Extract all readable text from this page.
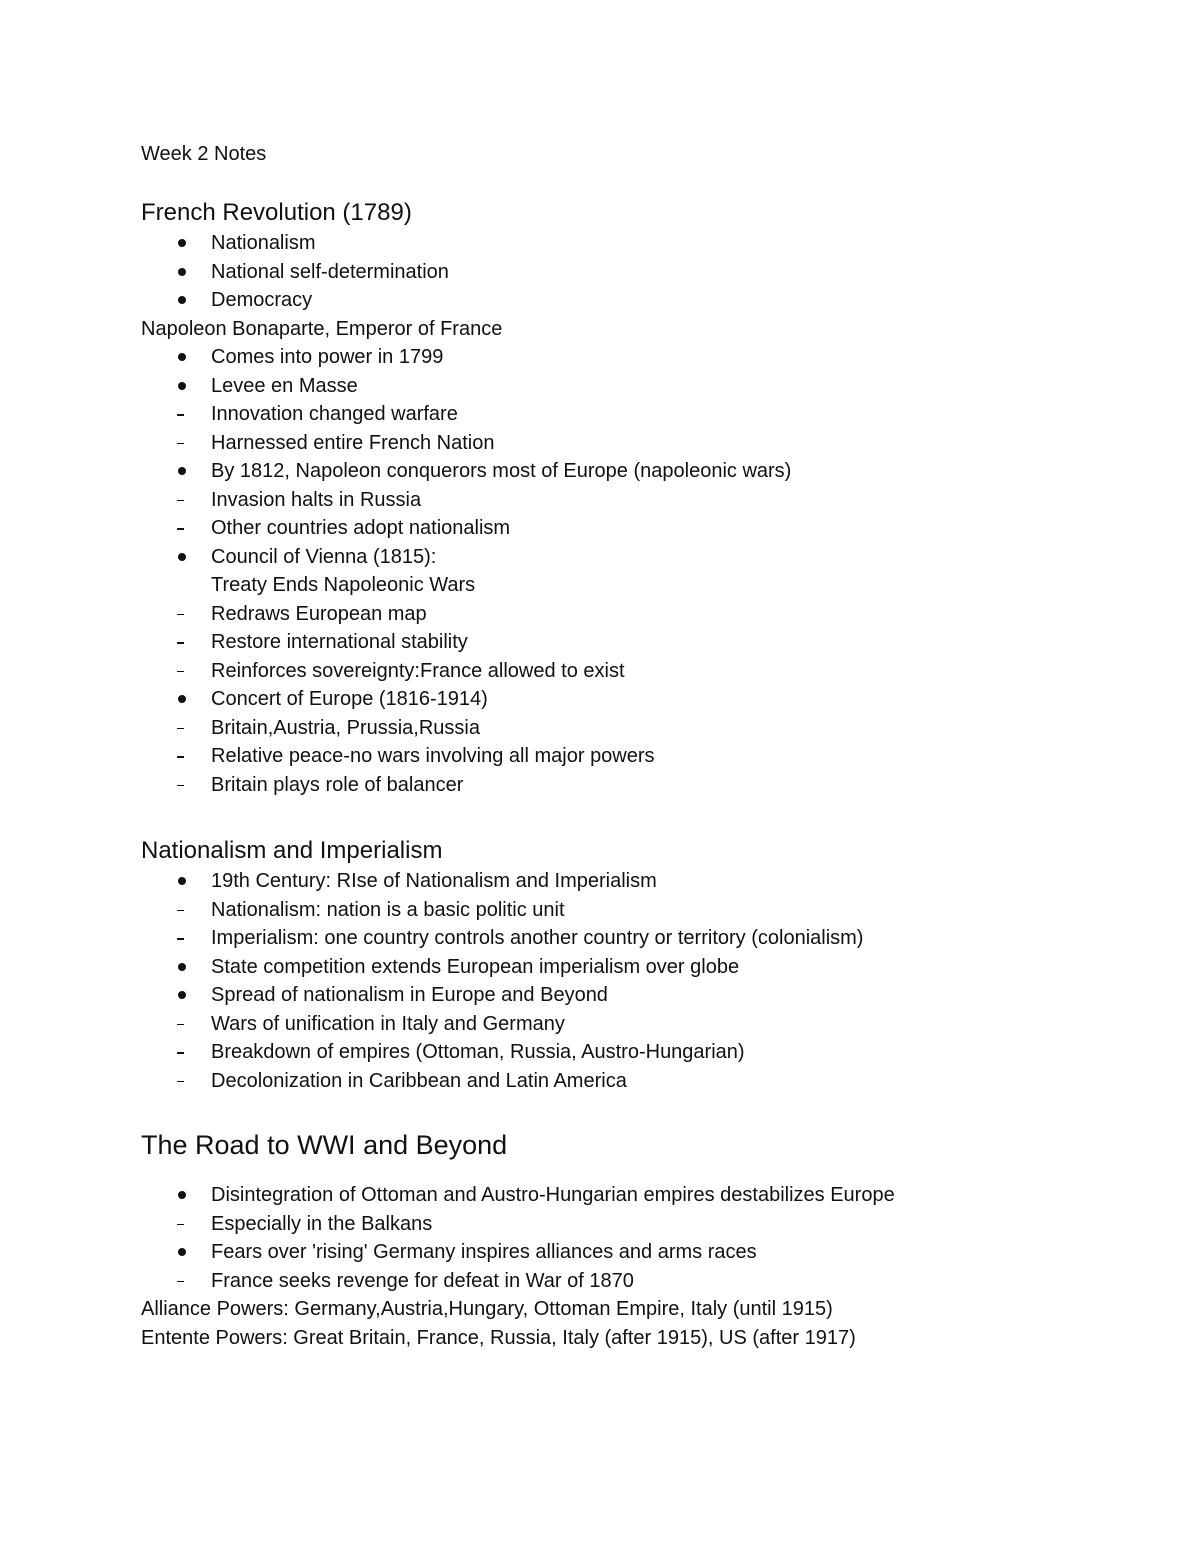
Week 2 Notes
French Revolution (1789)
Nationalism
National self-determination
Democracy
Napoleon Bonaparte, Emperor of France
Comes into power in 1799
Levee en Masse
Innovation changed warfare
Harnessed entire French Nation
By 1812, Napoleon conquerors most of Europe (napoleonic wars)
Invasion halts in Russia
Other countries adopt nationalism
Council of Vienna (1815):
Treaty Ends Napoleonic Wars
Redraws European map
Restore international stability
Reinforces sovereignty:France allowed to exist
Concert of Europe (1816-1914)
Britain,Austria, Prussia,Russia
Relative peace-no wars involving all major powers
Britain plays role of balancer
Nationalism and Imperialism
19th Century: RIse of Nationalism and Imperialism
Nationalism: nation is a basic politic unit
Imperialism: one country controls another country or territory (colonialism)
State competition extends European imperialism over globe
Spread of nationalism in Europe and Beyond
Wars of unification in Italy and Germany
Breakdown of empires (Ottoman, Russia, Austro-Hungarian)
Decolonization in Caribbean and Latin America
The Road to WWI and Beyond
Disintegration of Ottoman and Austro-Hungarian empires destabilizes Europe
Especially in the Balkans
Fears over 'rising' Germany inspires alliances and arms races
France seeks revenge for defeat in War of 1870
Alliance Powers: Germany,Austria,Hungary, Ottoman Empire, Italy (until 1915)
Entente Powers: Great Britain, France, Russia, Italy (after 1915), US (after 1917)
